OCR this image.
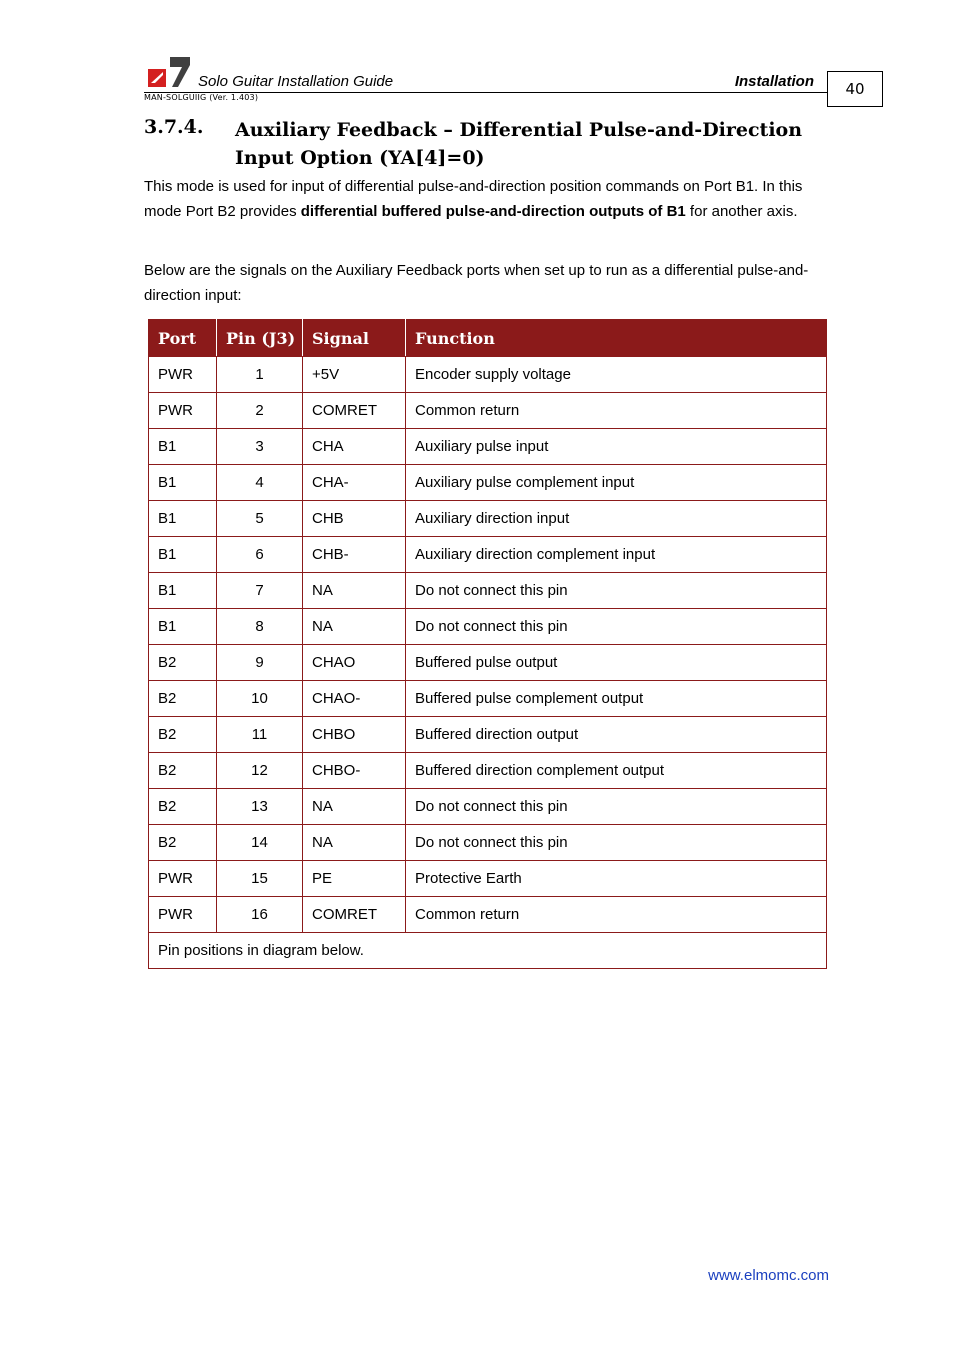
Solo Guitar Installation Guide	Installation
MAN-SOLGUIIG (Ver. 1.403)	40
3.7.4. Auxiliary Feedback – Differential Pulse-and-Direction Input Option (YA[4]=0)
This mode is used for input of differential pulse-and-direction position commands on Port B1. In this mode Port B2 provides differential buffered pulse-and-direction outputs of B1 for another axis.
Below are the signals on the Auxiliary Feedback ports when set up to run as a differential pulse-and-direction input:
Port	Pin (J3)	Signal	Function
PWR	1	+5V	Encoder supply voltage
PWR	2	COMRET	Common return
B1	3	CHA	Auxiliary pulse input
B1	4	CHA-	Auxiliary pulse complement input
B1	5	CHB	Auxiliary direction input
B1	6	CHB-	Auxiliary direction complement input
B1	7	NA	Do not connect this pin
B1	8	NA	Do not connect this pin
B2	9	CHAO	Buffered pulse output
B2	10	CHAO-	Buffered pulse complement output
B2	11	CHBO	Buffered direction output
B2	12	CHBO-	Buffered direction complement output
B2	13	NA	Do not connect this pin
B2	14	NA	Do not connect this pin
PWR	15	PE	Protective Earth
PWR	16	COMRET	Common return
Pin positions in diagram below.			
www.elmomc.com
